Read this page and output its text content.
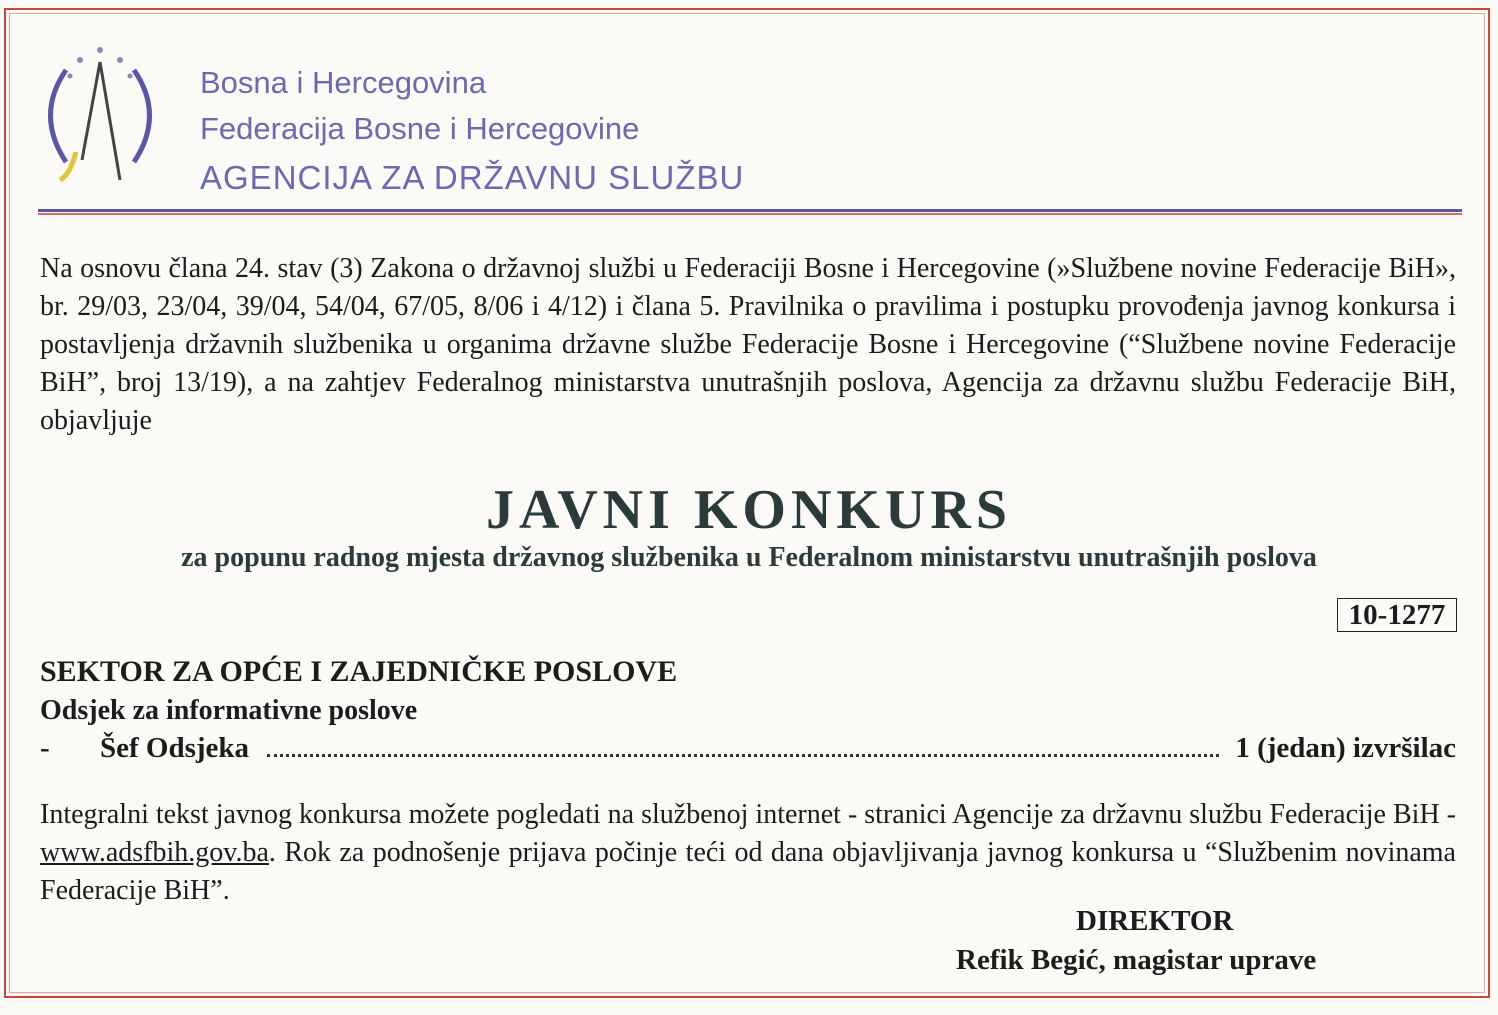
Bosna i Hercegovina
Federacija Bosne i Hercegovine
AGENCIJA ZA DRŽAVNU SLUŽBU
Na osnovu člana 24. stav (3) Zakona o državnoj službi u Federaciji Bosne i Hercegovine (»Službene novine Federacije BiH», br. 29/03, 23/04, 39/04, 54/04, 67/05, 8/06 i 4/12) i člana 5. Pravilnika o pravilima i postupku provođenja javnog konkursa i postavljenja državnih službenika u organima državne službe Federacije Bosne i Hercegovine (“Službene novine Federacije BiH”, broj 13/19), a na zahtjev Federalnog ministarstva unutrašnjih poslova, Agencija za državnu službu Federacije BiH, objavljuje
JAVNI KONKURS
za popunu radnog mjesta državnog službenika u Federalnom ministarstvu unutrašnjih poslova
10-1277
SEKTOR ZA OPĆE I ZAJEDNIČKE POSLOVE
Odsjek za informativne poslove
-	Šef Odsjeka	1 (jedan) izvršilac
Integralni tekst javnog konkursa možete pogledati na službenoj internet - stranici Agencije za državnu službu Federacije BiH - www.adsfbih.gov.ba. Rok za podnošenje prijava počinje teći od dana objavljivanja javnog konkursa u “Službenim novinama Federacije BiH”.
DIREKTOR
Refik Begić, magistar uprave
